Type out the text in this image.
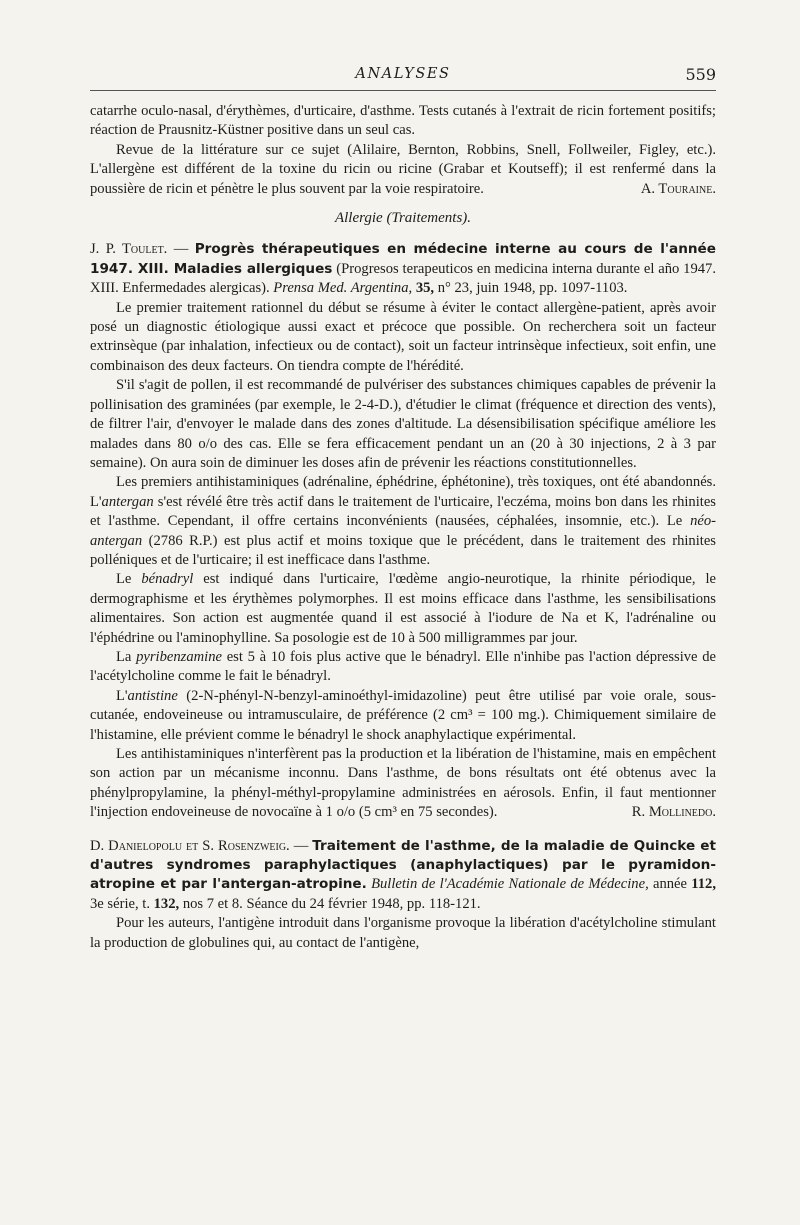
ANALYSES	559

catarrhe oculo-nasal, d'érythèmes, d'urticaire, d'asthme. Tests cutanés à l'extrait de ricin fortement positifs; réaction de Prausnitz-Küstner positive dans un seul cas.

Revue de la littérature sur ce sujet (Alilaire, Bernton, Robbins, Snell, Follweiler, Figley, etc.). L'allergène est différent de la toxine du ricin ou ricine (Grabar et Koutseff); il est renfermé dans la poussière de ricin et pénètre le plus souvent par la voie respiratoire.	A. Touraine.

Allergie (Traitements).

J. P. Toulet. — Progrès thérapeutiques en médecine interne au cours de l'année 1947. XIII. Maladies allergiques (Progresos terapeuticos en medicina interna durante el año 1947. XIII. Enfermedades alergicas). Prensa Med. Argentina, 35, n° 23, juin 1948, pp. 1097-1103.

Le premier traitement rationnel du début se résume à éviter le contact allergène-patient, après avoir posé un diagnostic étiologique aussi exact et précoce que possible. On recherchera soit un facteur extrinsèque (par inhalation, infectieux ou de contact), soit un facteur intrinsèque infectieux, soit enfin, une combinaison des deux facteurs. On tiendra compte de l'hérédité.

S'il s'agit de pollen, il est recommandé de pulvériser des substances chimiques capables de prévenir la pollinisation des graminées (par exemple, le 2-4-D.), d'étudier le climat (fréquence et direction des vents), de filtrer l'air, d'envoyer le malade dans des zones d'altitude. La désensibilisation spécifique améliore les malades dans 80 o/o des cas. Elle se fera efficacement pendant un an (20 à 30 injections, 2 à 3 par semaine). On aura soin de diminuer les doses afin de prévenir les réactions constitutionnelles.

Les premiers antihistaminiques (adrénaline, éphédrine, éphétonine), très toxiques, ont été abandonnés. L'antergan s'est révélé être très actif dans le traitement de l'urticaire, l'eczéma, moins bon dans les rhinites et l'asthme. Cependant, il offre certains inconvénients (nausées, céphalées, insomnie, etc.). Le néo-antergan (2786 R.P.) est plus actif et moins toxique que le précédent, dans le traitement des rhinites polléniques et de l'urticaire; il est inefficace dans l'asthme.

Le bénadryl est indiqué dans l'urticaire, l'œdème angio-neurotique, la rhinite périodique, le dermographisme et les érythèmes polymorphes. Il est moins efficace dans l'asthme, les sensibilisations alimentaires. Son action est augmentée quand il est associé à l'iodure de Na et K, l'adrénaline ou l'éphédrine ou l'aminophylline. Sa posologie est de 10 à 500 milligrammes par jour.

La pyribenzamine est 5 à 10 fois plus active que le bénadryl. Elle n'inhibe pas l'action dépressive de l'acétylcholine comme le fait le bénadryl.

L'antistine (2-N-phényl-N-benzyl-aminoéthyl-imidazoline) peut être utilisé par voie orale, sous-cutanée, endoveineuse ou intramusculaire, de préférence (2 cm³ = 100 mg.). Chimiquement similaire de l'histamine, elle prévient comme le bénadryl le shock anaphylactique expérimental.

Les antihistaminiques n'interfèrent pas la production et la libération de l'histamine, mais en empêchent son action par un mécanisme inconnu. Dans l'asthme, de bons résultats ont été obtenus avec la phénylpropylamine, la phényl-méthyl-propylamine administrées en aérosols. Enfin, il faut mentionner l'injection endoveineuse de novocaïne à 1 o/o (5 cm³ en 75 secondes).	R. Mollinedo.

D. Danielopolu et S. Rosenzweig. — Traitement de l'asthme, de la maladie de Quincke et d'autres syndromes paraphylactiques (anaphylactiques) par le pyramidon-atropine et par l'antergan-atropine. Bulletin de l'Académie Nationale de Médecine, année 112, 3e série, t. 132, nos 7 et 8. Séance du 24 février 1948, pp. 118-121.

Pour les auteurs, l'antigène introduit dans l'organisme provoque la libération d'acétylcholine stimulant la production de globulines qui, au contact de l'antigène,
